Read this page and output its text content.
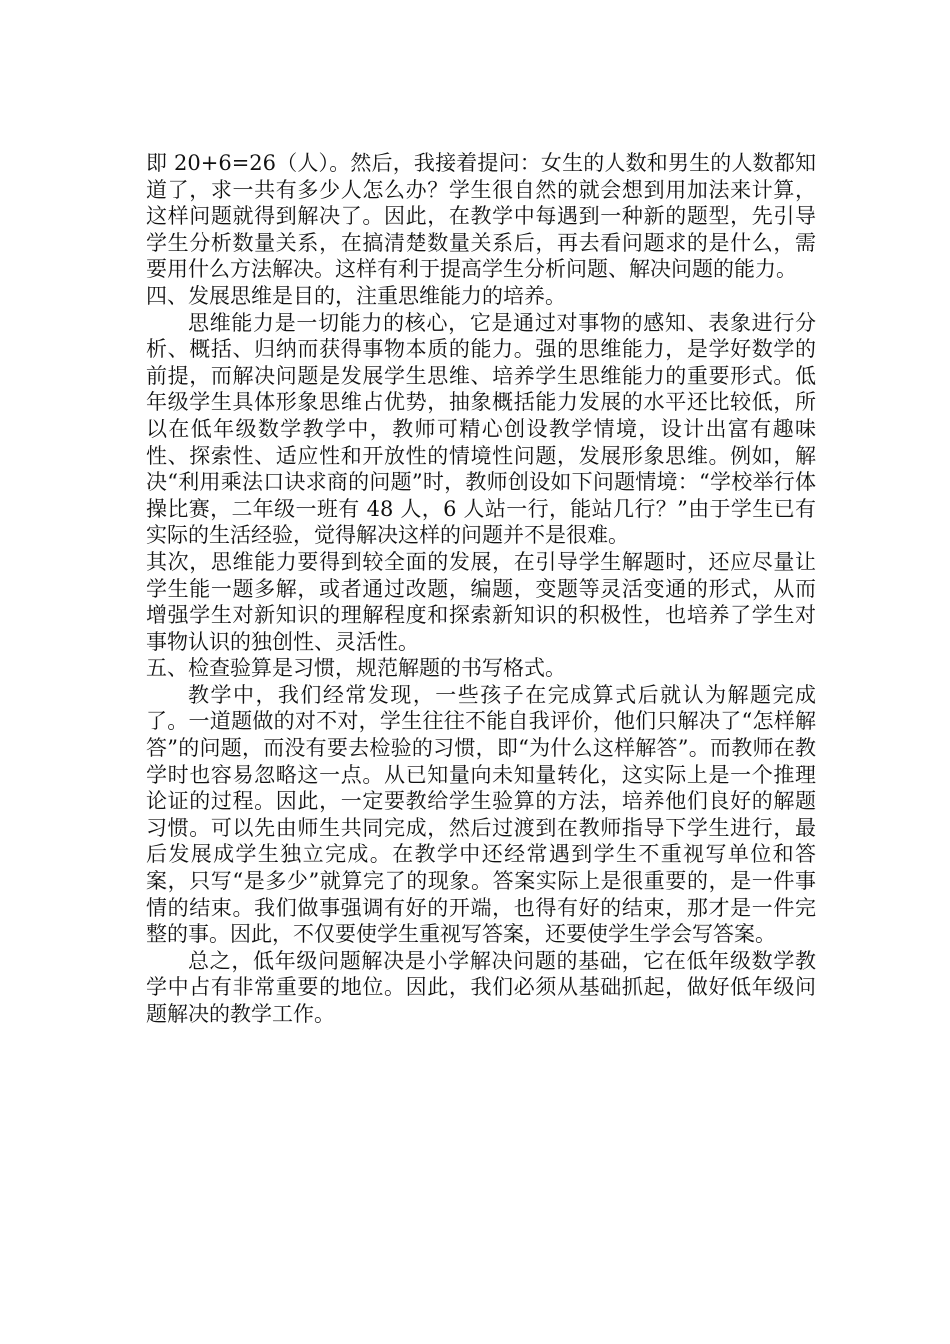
即 20+6=26（人）。然后，我接着提问：女生的人数和男生的人数都知道了，求一共有多少人怎么办？学生很自然的就会想到用加法来计算，这样问题就得到解决了。因此，在教学中每遇到一种新的题型，先引导学生分析数量关系，在搞清楚数量关系后，再去看问题求的是什么，需要用什么方法解决。这样有利于提高学生分析问题、解决问题的能力。

四、发展思维是目的，注重思维能力的培养。

思维能力是一切能力的核心，它是通过对事物的感知、表象进行分析、概括、归纳而获得事物本质的能力。强的思维能力，是学好数学的前提，而解决问题是发展学生思维、培养学生思维能力的重要形式。低年级学生具体形象思维占优势，抽象概括能力发展的水平还比较低，所以在低年级数学教学中，教师可精心创设教学情境，设计出富有趣味性、探索性、适应性和开放性的情境性问题，发展形象思维。例如，解决“利用乘法口诀求商的问题”时，教师创设如下问题情境：“学校举行体操比赛，二年级一班有 48 人，6 人站一行，能站几行？”由于学生已有实际的生活经验，觉得解决这样的问题并不是很难。

其次，思维能力要得到较全面的发展，在引导学生解题时，还应尽量让学生能一题多解，或者通过改题，编题，变题等灵活变通的形式，从而增强学生对新知识的理解程度和探索新知识的积极性，也培养了学生对事物认识的独创性、灵活性。

五、检查验算是习惯，规范解题的书写格式。

教学中，我们经常发现，一些孩子在完成算式后就认为解题完成了。一道题做的对不对，学生往往不能自我评价，他们只解决了“怎样解答”的问题，而没有要去检验的习惯，即“为什么这样解答”。而教师在教学时也容易忽略这一点。从已知量向未知量转化，这实际上是一个推理论证的过程。因此，一定要教给学生验算的方法，培养他们良好的解题习惯。可以先由师生共同完成，然后过渡到在教师指导下学生进行，最后发展成学生独立完成。在教学中还经常遇到学生不重视写单位和答案，只写“是多少”就算完了的现象。答案实际上是很重要的，是一件事情的结束。我们做事强调有好的开端，也得有好的结束，那才是一件完整的事。因此，不仅要使学生重视写答案，还要使学生学会写答案。

总之，低年级问题解决是小学解决问题的基础，它在低年级数学教学中占有非常重要的地位。因此，我们必须从基础抓起，做好低年级问题解决的教学工作。
